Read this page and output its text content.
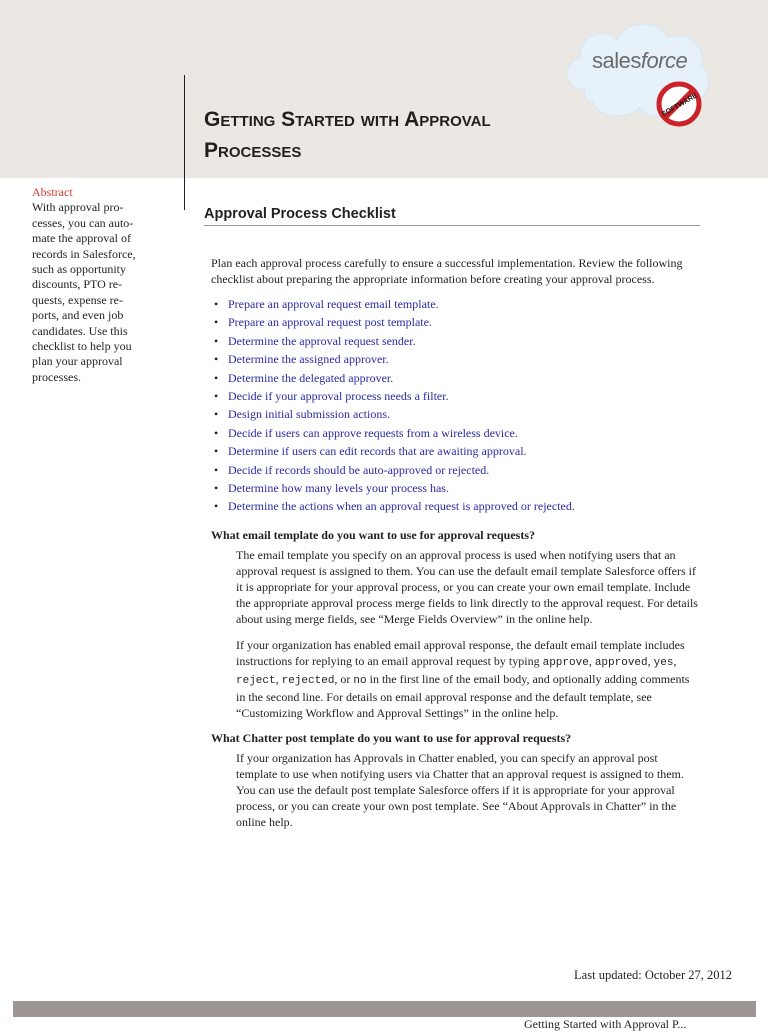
Getting Started with Approval
Processes
SOFTWARE
salesforce
Abstract
With approval pro-cesses, you can auto-mate the approval of records in Salesforce, such as opportunity discounts, PTO re-quests, expense re-ports, and even job candidates. Use this checklist to help you plan your approval processes.
Approval Process Checklist

Plan each approval process carefully to ensure a successful implementation. Review the following checklist about preparing the appropriate information before creating your approval process.

• Prepare an approval request email template.
• Prepare an approval request post template.
• Determine the approval request sender.
• Determine the assigned approver.
• Determine the delegated approver.
• Decide if your approval process needs a filter.
• Design initial submission actions.
• Decide if users can approve requests from a wireless device.
• Determine if users can edit records that are awaiting approval.
• Decide if records should be auto-approved or rejected.
• Determine how many levels your process has.
• Determine the actions when an approval request is approved or rejected.

What email template do you want to use for approval requests?

The email template you specify on an approval process is used when notifying users that an approval request is assigned to them. You can use the default email template Salesforce offers if it is appropriate for your approval process, or you can create your own email template. Include the appropriate approval process merge fields to link directly to the approval request. For details about using merge fields, see “Merge Fields Overview” in the online help.

If your organization has enabled email approval response, the default email template includes instructions for replying to an email approval request by typing approve, approved, yes, reject, rejected, or no in the first line of the email body, and optionally adding comments in the second line. For details on email approval response and the default template, see “Customizing Workflow and Approval Settings” in the online help.

What Chatter post template do you want to use for approval requests?

If your organization has Approvals in Chatter enabled, you can specify an approval post template to use when notifying users via Chatter that an approval request is assigned to them. You can use the default post template Salesforce offers if it is appropriate for your approval process, or you can create your own post template. See “About Approvals in Chatter” in the online help.

Last updated: October 27, 2012
Getting Started with Approval P...
